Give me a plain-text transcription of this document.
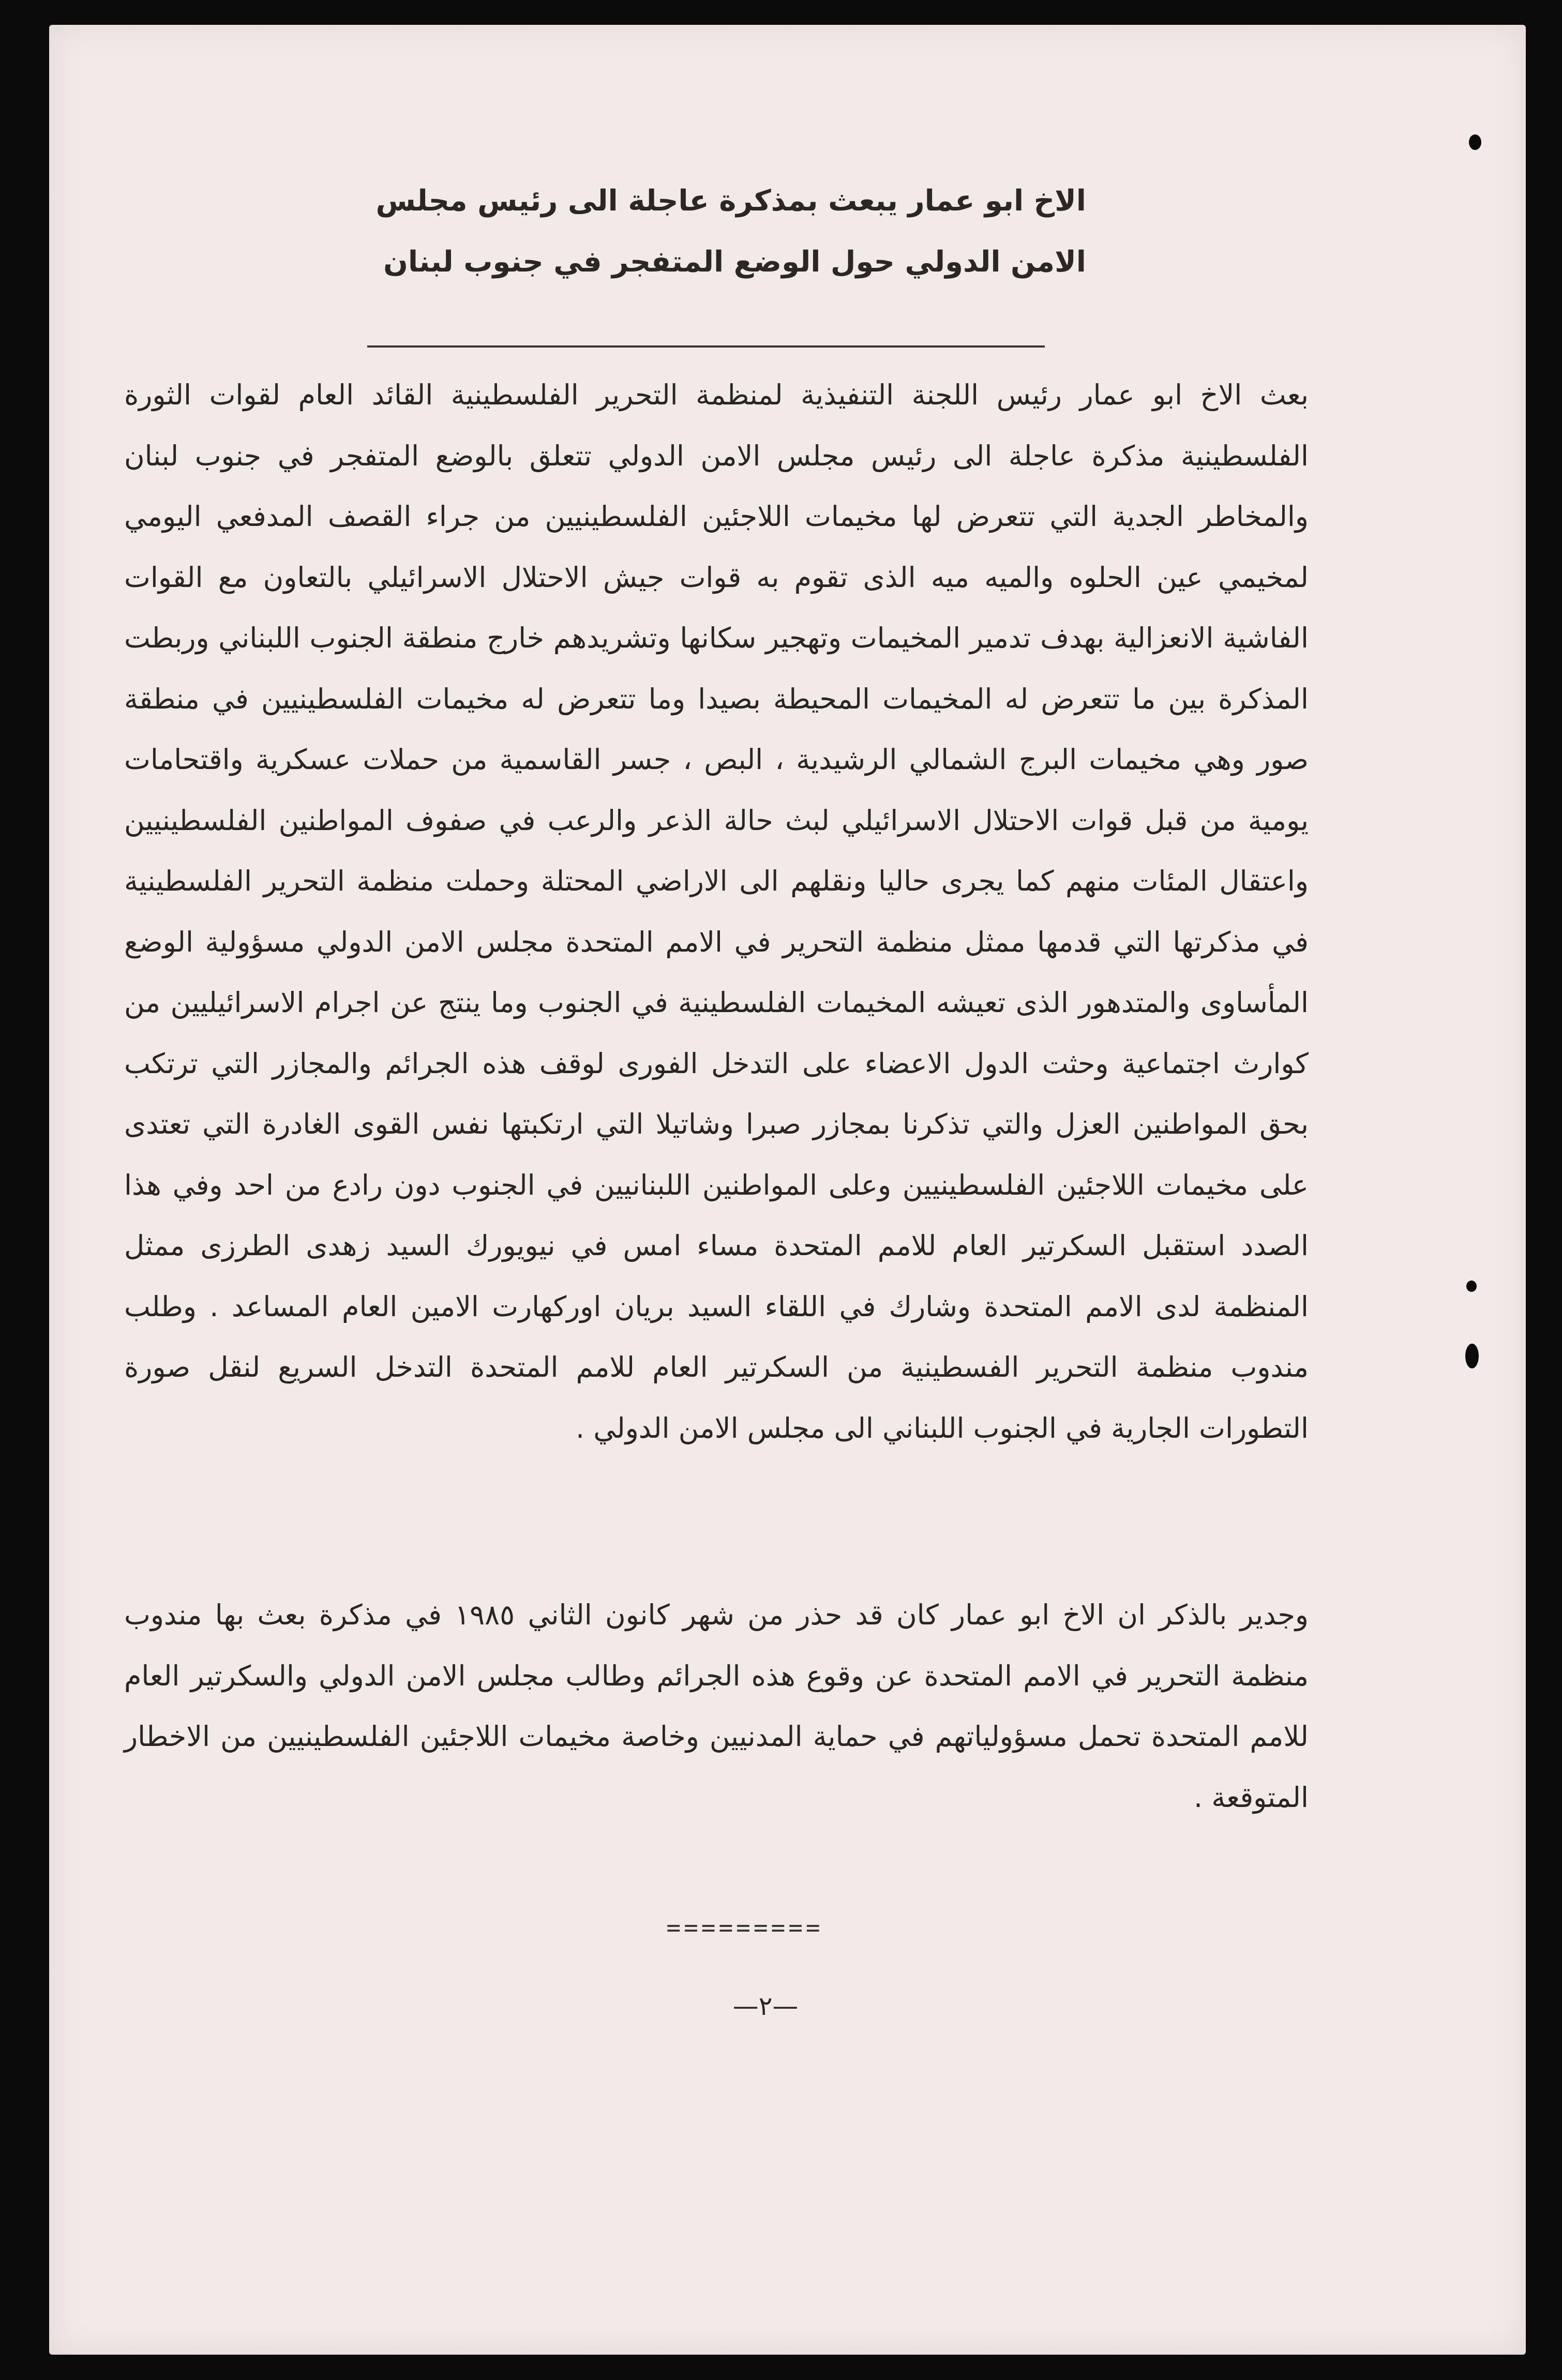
الاخ ابو عمار يبعث بمذكرة عاجلة الى رئيس مجلس
الامن الدولي حول الوضع المتفجر في جنوب لبنان

بعث الاخ ابو عمار رئيس اللجنة التنفيذية لمنظمة التحرير الفلسطينية القائد العام لقوات الثورة الفلسطينية مذكرة عاجلة الى رئيس مجلس الامن الدولي تتعلق بالوضع المتفجر في جنوب لبنان والمخاطر الجدية التي تتعرض لها مخيمات اللاجئين الفلسطينيين من جراء القصف المدفعي اليومي لمخيمي عين الحلوه والميه ميه الذى تقوم به قوات جيش الاحتلال الاسرائيلي بالتعاون مع القوات الفاشية الانعزالية بهدف تدمير المخيمات وتهجير سكانها وتشريدهم خارج منطقة الجنوب اللبناني وربطت المذكرة بين ما تتعرض له المخيمات المحيطة بصيدا وما تتعرض له مخيمات الفلسطينيين في منطقة صور وهي مخيمات البرج الشمالي الرشيدية ، البص ، جسر القاسمية من حملات عسكرية واقتحامات يومية من قبل قوات الاحتلال الاسرائيلي لبث حالة الذعر والرعب في صفوف المواطنين الفلسطينيين واعتقال المئات منهم كما يجرى حاليا ونقلهم الى الاراضي المحتلة وحملت منظمة التحرير الفلسطينية في مذكرتها التي قدمها ممثل منظمة التحرير في الامم المتحدة مجلس الامن الدولي مسؤولية الوضع المأساوى والمتدهور الذى تعيشه المخيمات الفلسطينية في الجنوب وما ينتج عن اجرام الاسرائيليين من كوارث اجتماعية وحثت الدول الاعضاء على التدخل الفورى لوقف هذه الجرائم والمجازر التي ترتكب بحق المواطنين العزل والتي تذكرنا بمجازر صبرا وشاتيلا التي ارتكبتها نفس القوى الغادرة التي تعتدى على مخيمات اللاجئين الفلسطينيين وعلى المواطنين اللبنانيين في الجنوب دون رادع من احد وفي هذا الصدد استقبل السكرتير العام للامم المتحدة مساء امس في نيويورك السيد زهدى الطرزى ممثل المنظمة لدى الامم المتحدة وشارك في اللقاء السيد بريان اوركهارت الامين العام المساعد . وطلب مندوب منظمة التحرير الفسطينية من السكرتير العام للامم المتحدة التدخل السريع لنقل صورة التطورات الجارية في الجنوب اللبناني الى مجلس الامن الدولي .

وجدير بالذكر ان الاخ ابو عمار كان قد حذر من شهر كانون الثاني ١٩٨٥ في مذكرة بعث بها مندوب منظمة التحرير في الامم المتحدة عن وقوع هذه الجرائم وطالب مجلس الامن الدولي والسكرتير العام للامم المتحدة تحمل مسؤولياتهم في حماية المدنيين وخاصة مخيمات اللاجئين الفلسطينيين من الاخطار المتوقعة .

=========

—٢—
